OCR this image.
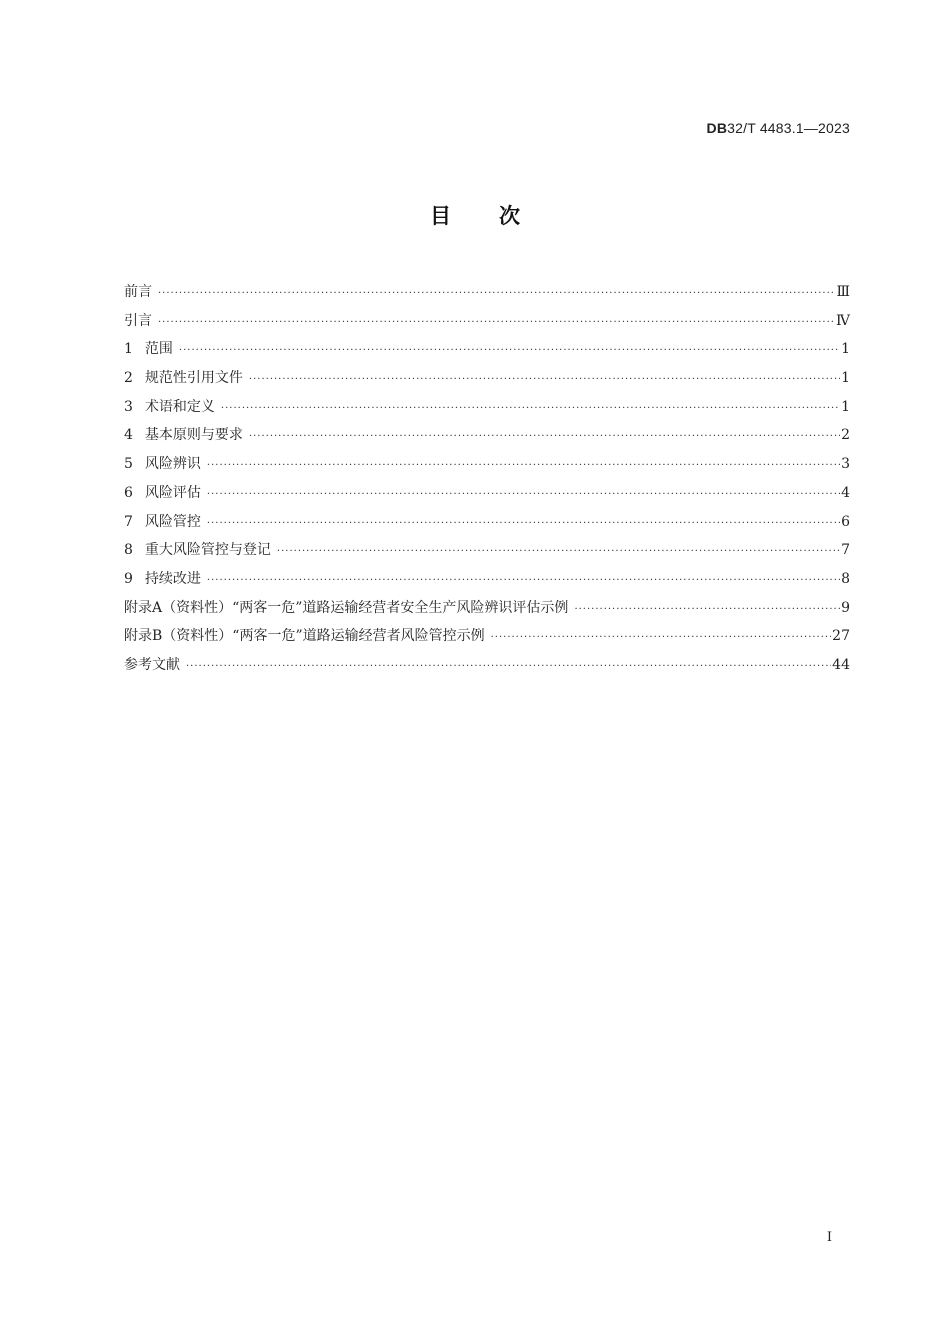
DB32/T 4483.1—2023
目次
前言 ·····	Ⅲ
引言 ·····	Ⅳ
1 范围 ·····	1
2 规范性引用文件 ·····	1
3 术语和定义 ·····	1
4 基本原则与要求 ·····	2
5 风险辨识 ·····	3
6 风险评估 ·····	4
7 风险管控 ·····	6
8 重大风险管控与登记 ·····	7
9 持续改进 ·····	8
附录A（资料性）“两客一危”道路运输经营者安全生产风险辨识评估示例 ·····	9
附录B（资料性）“两客一危”道路运输经营者风险管控示例 ·····	27
参考文献 ·····	44
I
